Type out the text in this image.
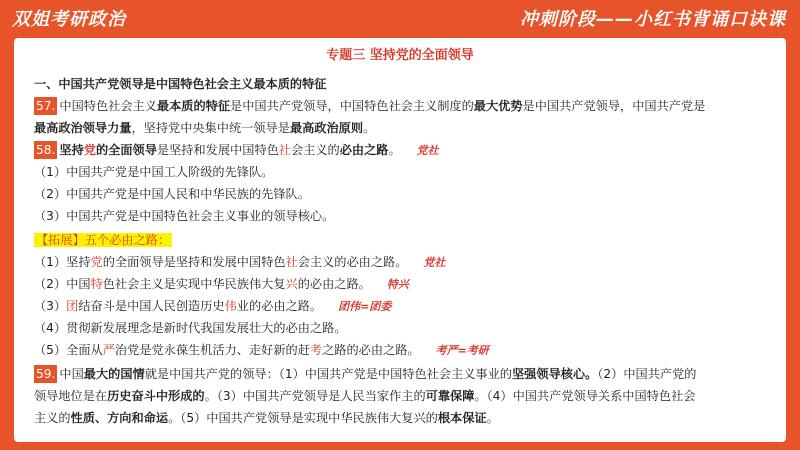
双姐考研政治	冲刺阶段——小红书背诵口诀课
专题三 坚持党的全面领导
一、中国共产党领导是中国特色社会主义最本质的特征
57. 中国特色社会主义最本质的特征是中国共产党领导，中国特色社会主义制度的最大优势是中国共产党领导，中国共产党是
最高政治领导力量，坚持党中央集中统一领导是最高政治原则。
58. 坚持党的全面领导是坚持和发展中国特色社会主义的必由之路。 党社
（1）中国共产党是中国工人阶级的先锋队。
（2）中国共产党是中国人民和中华民族的先锋队。
（3）中国共产党是中国特色社会主义事业的领导核心。
【拓展】五个必由之路：
（1）坚持党的全面领导是坚持和发展中国特色社会主义的必由之路。 党社
（2）中国特色社会主义是实现中华民族伟大复兴的必由之路。 特兴
（3）团结奋斗是中国人民创造历史伟业的必由之路。 团伟=团委
（4）贯彻新发展理念是新时代我国发展壮大的必由之路。
（5）全面从严治党是党永葆生机活力、走好新的赶考之路的必由之路。 考严=考研
59. 中国最大的国情就是中国共产党的领导：（1）中国共产党是中国特色社会主义事业的坚强领导核心。（2）中国共产党的
领导地位是在历史奋斗中形成的。（3）中国共产党领导是人民当家作主的可靠保障。（4）中国共产党领导关系中国特色社会
主义的性质、方向和命运。（5）中国共产党领导是实现中华民族伟大复兴的根本保证。
